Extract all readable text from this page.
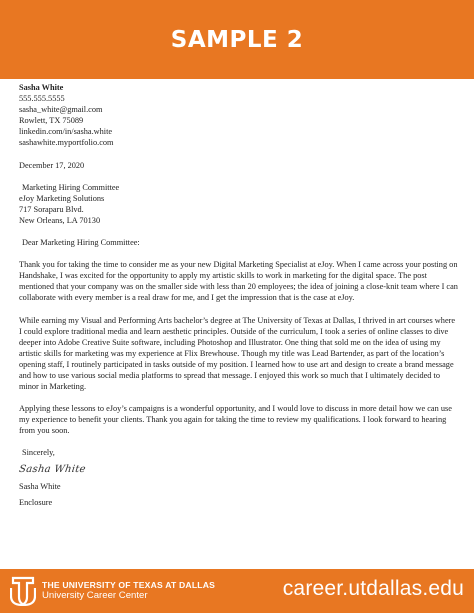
SAMPLE 2
Sasha White
555.555.5555
sasha_white@gmail.com
Rowlett, TX 75089
linkedin.com/in/sasha.white
sashawhite.myportfolio.com
December 17, 2020
Marketing Hiring Committee
eJoy Marketing Solutions
717 Soraparu Blvd.
New Orleans, LA 70130
Dear Marketing Hiring Committee:
Thank you for taking the time to consider me as your new Digital Marketing Specialist at eJoy. When I came across your posting on Handshake, I was excited for the opportunity to apply my artistic skills to work in marketing for the digital space. The post mentioned that your company was on the smaller side with less than 20 employees; the idea of joining a close-knit team where I can collaborate with every member is a real draw for me, and I get the impression that is the case at eJoy.
While earning my Visual and Performing Arts bachelor’s degree at The University of Texas at Dallas, I thrived in art courses where I could explore traditional media and learn aesthetic principles. Outside of the curriculum, I took a series of online classes to dive deeper into Adobe Creative Suite software, including Photoshop and Illustrator. One thing that sold me on the idea of using my artistic skills for marketing was my experience at Flix Brewhouse. Though my title was Lead Bartender, as part of the location’s opening staff, I routinely participated in tasks outside of my position. I learned how to use art and design to create a brand message and how to use various social media platforms to spread that message. I enjoyed this work so much that I ultimately decided to minor in Marketing.
Applying these lessons to eJoy’s campaigns is a wonderful opportunity, and I would love to discuss in more detail how we can use my experience to benefit your clients. Thank you again for taking the time to review my qualifications. I look forward to hearing from you soon.
Sincerely,
Sasha White
Sasha White
Enclosure
THE UNIVERSITY OF TEXAS AT DALLAS
University Career Center	career.utdallas.edu
